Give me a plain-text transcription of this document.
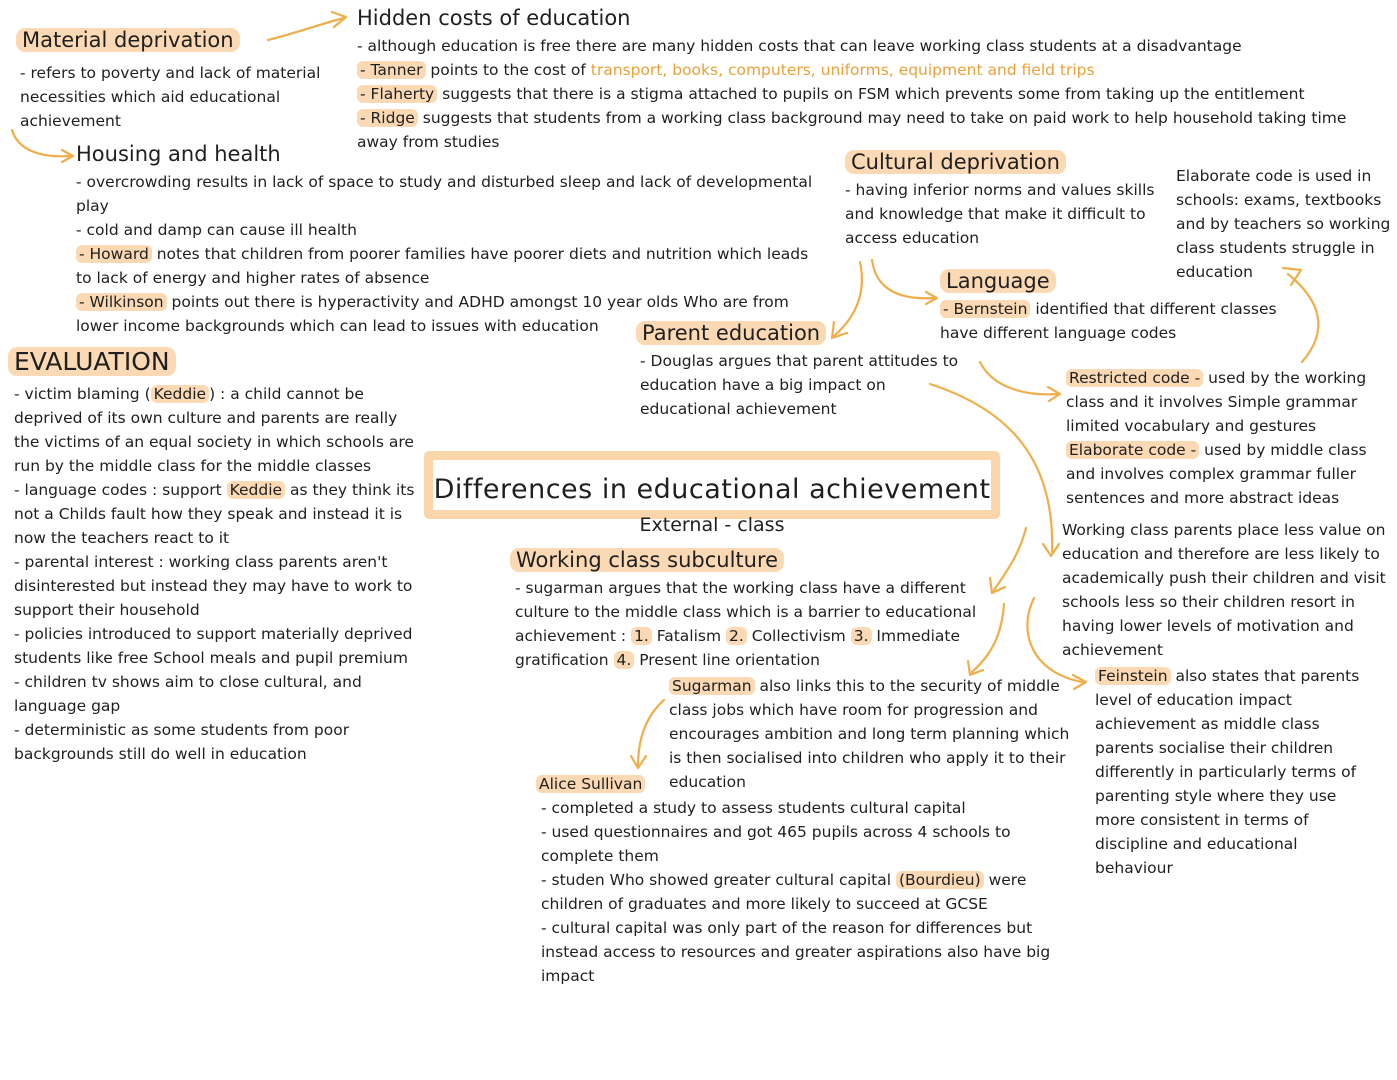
Material deprivation
- refers to poverty and lack of material necessities which aid educational achievement
Hidden costs of education

- although education is free there are many hidden costs that can leave working class students at a disadvantage

- Tanner points to the cost of transport, books, computers, uniforms, equipment and field trips

- Flaherty suggests that there is a stigma attached to pupils on FSM which prevents some from taking up the entitlement

- Ridge suggests that students from a working class background may need to take on paid work to help household taking time away from studies

Housing and health

- overcrowding results in lack of space to study and disturbed sleep and lack of developmental play

- cold and damp can cause ill health

- Howard notes that children from poorer families have poorer diets and nutrition which leads to lack of energy and higher rates of absence

- Wilkinson points out there is hyperactivity and ADHD amongst 10 year olds Who are from lower income backgrounds which can lead to issues with education

EVALUATION

- victim blaming ( Keddie ) : a child cannot be deprived of its own culture and parents are really the victims of an equal society in which schools are run by the middle class for the middle classes

- language codes : support Keddie as they think its not a Childs fault how they speak and instead it is now the teachers react to it

- parental interest : working class parents aren't disinterested but instead they may have to work to support their household

- policies introduced to support materially deprived students like free School meals and pupil premium

- children tv shows aim to close cultural, and language gap

- deterministic as some students from poor backgrounds still do well in education

Cultural deprivation
- having inferior norms and values skills and knowledge that make it difficult to access education
Elaborate code is used in schools: exams, textbooks and by teachers so working class students struggle in education
Language
- Bernstein identified that different classes have different language codes

Restricted code - used by the working class and it involves Simple grammar limited vocabulary and gestures

Elaborate code - used by middle class and involves complex grammar fuller sentences and more abstract ideas

Parent education
- Douglas argues that parent attitudes to education have a big impact on educational achievement
Differences in educational achievement
External - class	Working class parents place less value on education and therefore are less likely to academically push their children and visit schools less so their children resort in having lower levels of motivation and achievement
Feinstein also states that parents level of education impact achievement as middle class parents socialise their children differently in particularly terms of parenting style where they use more consistent in terms of discipline and educational behaviour
Working class subculture
- sugarman argues that the working class have a different culture to the middle class which is a barrier to educational achievement : 1. Fatalism 2. Collectivism 3. Immediate gratification 4. Present line orientation
Sugarman also links this to the security of middle class jobs which have room for progression and encourages ambition and long term planning which is then socialised into children who apply it to their education
Alice Sullivan

- completed a study to assess students cultural capital

- used questionnaires and got 465 pupils across 4 schools to complete them

- studen Who showed greater cultural capital (Bourdieu) were children of graduates and more likely to succeed at GCSE

- cultural capital was only part of the reason for differences but instead access to resources and greater aspirations also have big impact
